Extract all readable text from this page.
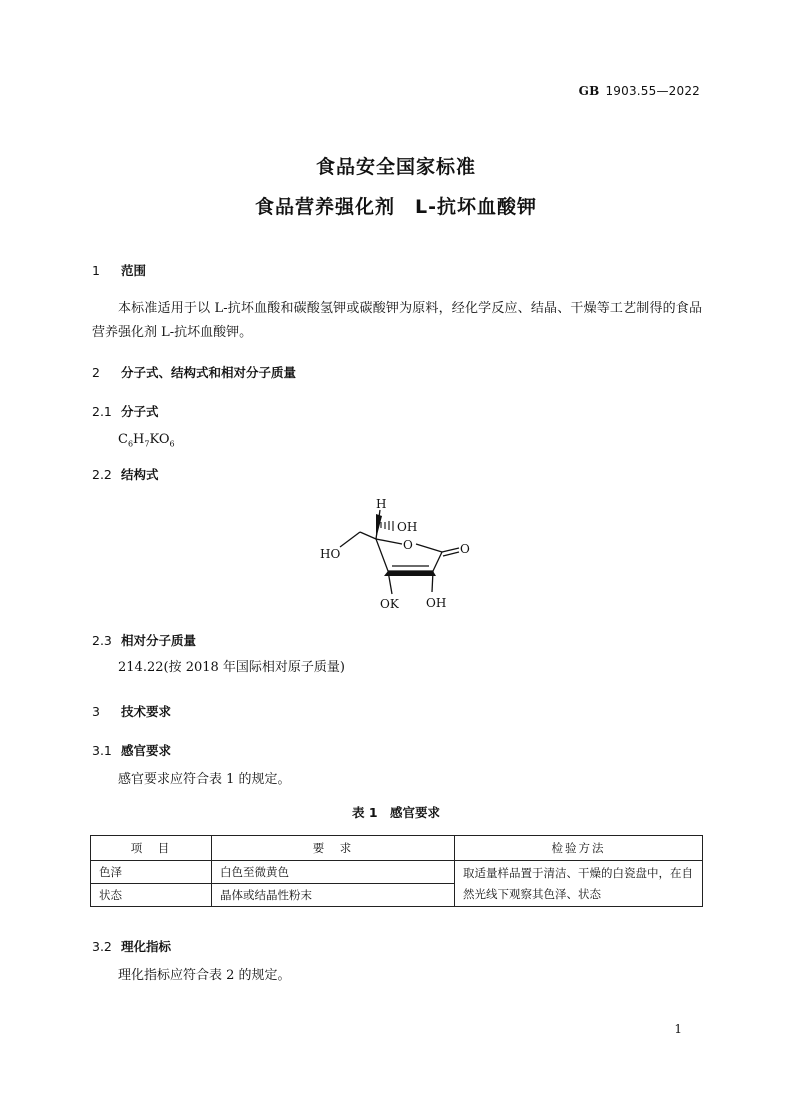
GB 1903.55—2022
食品安全国家标准
食品营养强化剂　L-抗坏血酸钾
1 范围
本标准适用于以 L-抗坏血酸和碳酸氢钾或碳酸钾为原料，经化学反应、结晶、干燥等工艺制得的食品营养强化剂 L-抗坏血酸钾。
2 分子式、结构式和相对分子质量
2.1 分子式
$C_6H_7KO_6$
2.2 结构式
H
OH
HO
O	O
OK OH
2.3 相对分子质量
214.22(按 2018 年国际相对原子质量)
3 技术要求
3.1 感官要求
感官要求应符合表 1 的规定。
表 1　感官要求
项　目	要　求	检验方法
色泽	白色至微黄色	取适量样品置于清洁、干燥的白瓷盘中，在自然光线下观察其色泽、状态
状态	晶体或结晶性粉末	
3.2 理化指标
理化指标应符合表 2 的规定。
1
